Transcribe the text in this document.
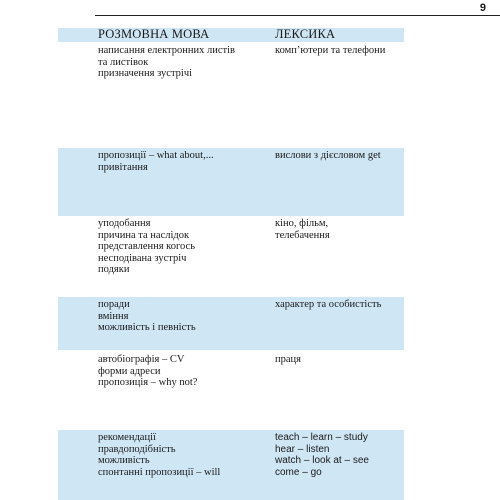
9
РОЗМОВНА МОВА	ЛЕКСИКА
написання електронних листів
та листівок
призначення зустрічі
комп’ютери та телефони
пропозиції – what about,...
привітання
вислови з дієсловом get
уподобання
причина та наслідок
представлення когось
несподівана зустріч
подяки
кіно, фільм,
телебачення
поради
вміння
можливість і певність
характер та особистість
автобіографія – CV
форми адреси
пропозиція – why not?
праця
рекомендації
правдоподібність
можливість
спонтанні пропозиції – will
teach – learn – study
hear – listen
watch – look at – see
come – go
